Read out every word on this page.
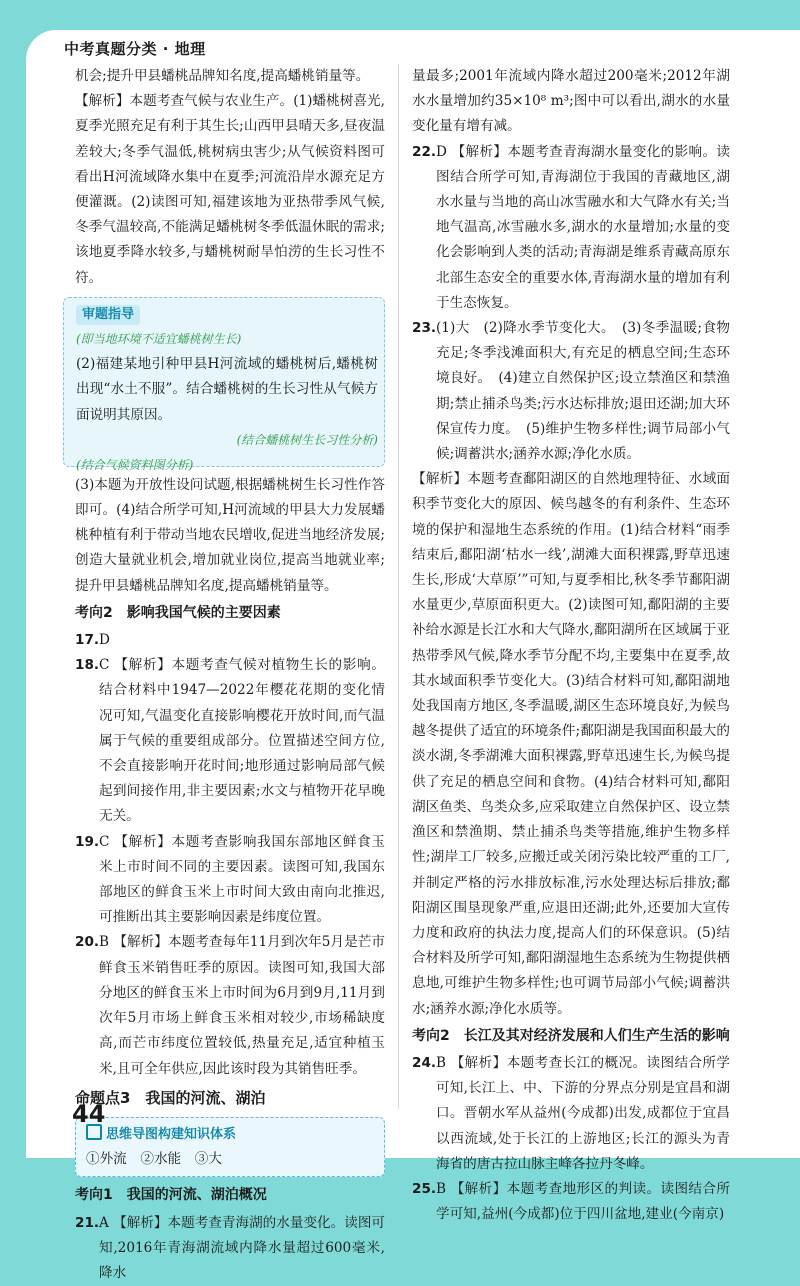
中考真题分类 · 地理

机会;提升甲县蟠桃品牌知名度,提高蟠桃销量等。

【解析】本题考查气候与农业生产。(1)蟠桃树喜光,夏季光照充足有利于其生长;山西甲县晴天多,昼夜温差较大;冬季气温低,桃树病虫害少;从气候资料图可看出H河流域降水集中在夏季;河流沿岸水源充足方便灌溉。(2)读图可知,福建该地为亚热带季风气候,冬季气温较高,不能满足蟠桃树冬季低温休眠的需求;该地夏季降水较多,与蟠桃树耐旱怕涝的生长习性不符。

审题指导
(即当地环境不适宜蟠桃树生长)

(2)福建某地引种甲县H河流域的蟠桃树后,蟠桃树出现“水土不服”。结合蟠桃树的生长习性从气候方面说明其原因。

(结合蟠桃树生长习性分析)
(结合气候资料图分析)

(3)本题为开放性设问试题,根据蟠桃树生长习性作答即可。(4)结合所学可知,H河流域的甲县大力发展蟠桃种植有利于带动当地农民增收,促进当地经济发展;创造大量就业机会,增加就业岗位,提高当地就业率;提升甲县蟠桃品牌知名度,提高蟠桃销量等。

考向2　影响我国气候的主要因素
17. D
18. C 【解析】本题考查气候对植物生长的影响。结合材料中1947—2022年樱花花期的变化情况可知,气温变化直接影响樱花开放时间,而气温属于气候的重要组成部分。位置描述空间方位,不会直接影响开花时间;地形通过影响局部气候起到间接作用,非主要因素;水文与植物开花早晚无关。
19. C 【解析】本题考查影响我国东部地区鲜食玉米上市时间不同的主要因素。读图可知,我国东部地区的鲜食玉米上市时间大致由南向北推迟,可推断出其主要影响因素是纬度位置。
20. B 【解析】本题考查每年11月到次年5月是芒市鲜食玉米销售旺季的原因。读图可知,我国大部分地区的鲜食玉米上市时间为6月到9月,11月到次年5月市场上鲜食玉米相对较少,市场稀缺度高,而芒市纬度位置较低,热量充足,适宜种植玉米,且可全年供应,因此该时段为其销售旺季。
命题点3　我国的河流、湖泊
思维导图构建知识体系
①外流　②水能　③大
考向1　我国的河流、湖泊概况
21. A 【解析】本题考查青海湖的水量变化。读图可知,2016年青海湖流域内降水量超过600毫米,降水

量最多;2001年流域内降水超过200毫米;2012年湖水水量增加约35×10⁸ m³;图中可以看出,湖水的水量变化量有增有减。

22. D 【解析】本题考查青海湖水量变化的影响。读图结合所学可知,青海湖位于我国的青藏地区,湖水水量与当地的高山冰雪融水和大气降水有关;当地气温高,冰雪融水多,湖水的水量增加;水量的变化会影响到人类的活动;青海湖是维系青藏高原东北部生态安全的重要水体,青海湖水量的增加有利于生态恢复。
23. (1)大　(2)降水季节变化大。　(3)冬季温暖;食物充足;冬季浅滩面积大,有充足的栖息空间;生态环境良好。　(4)建立自然保护区;设立禁渔区和禁渔期;禁止捕杀鸟类;污水达标排放;退田还湖;加大环保宣传力度。　(5)维护生物多样性;调节局部小气候;调蓄洪水;涵养水源;净化水质。

【解析】本题考查鄱阳湖区的自然地理特征、水域面积季节变化大的原因、候鸟越冬的有利条件、生态环境的保护和湿地生态系统的作用。(1)结合材料“雨季结束后,鄱阳湖‘枯水一线’,湖滩大面积裸露,野草迅速生长,形成‘大草原’”可知,与夏季相比,秋冬季节鄱阳湖水量更少,草原面积更大。(2)读图可知,鄱阳湖的主要补给水源是长江水和大气降水,鄱阳湖所在区域属于亚热带季风气候,降水季节分配不均,主要集中在夏季,故其水域面积季节变化大。(3)结合材料可知,鄱阳湖地处我国南方地区,冬季温暖,湖区生态环境良好,为候鸟越冬提供了适宜的环境条件;鄱阳湖是我国面积最大的淡水湖,冬季湖滩大面积裸露,野草迅速生长,为候鸟提供了充足的栖息空间和食物。(4)结合材料可知,鄱阳湖区鱼类、鸟类众多,应采取建立自然保护区、设立禁渔区和禁渔期、禁止捕杀鸟类等措施,维护生物多样性;湖岸工厂较多,应搬迁或关闭污染比较严重的工厂,并制定严格的污水排放标准,污水处理达标后排放;鄱阳湖区围垦现象严重,应退田还湖;此外,还要加大宣传力度和政府的执法力度,提高人们的环保意识。(5)结合材料及所学可知,鄱阳湖湿地生态系统为生物提供栖息地,可维护生物多样性;也可调节局部小气候;调蓄洪水;涵养水源;净化水质等。

考向2　长江及其对经济发展和人们生产生活的影响
24. B 【解析】本题考查长江的概况。读图结合所学可知,长江上、中、下游的分界点分别是宜昌和湖口。晋朝水军从益州(今成都)出发,成都位于宜昌以西流域,处于长江的上游地区;长江的源头为青海省的唐古拉山脉主峰各拉丹冬峰。
25. B 【解析】本题考查地形区的判读。读图结合所学可知,益州(今成都)位于四川盆地,建业(今南京)
44
